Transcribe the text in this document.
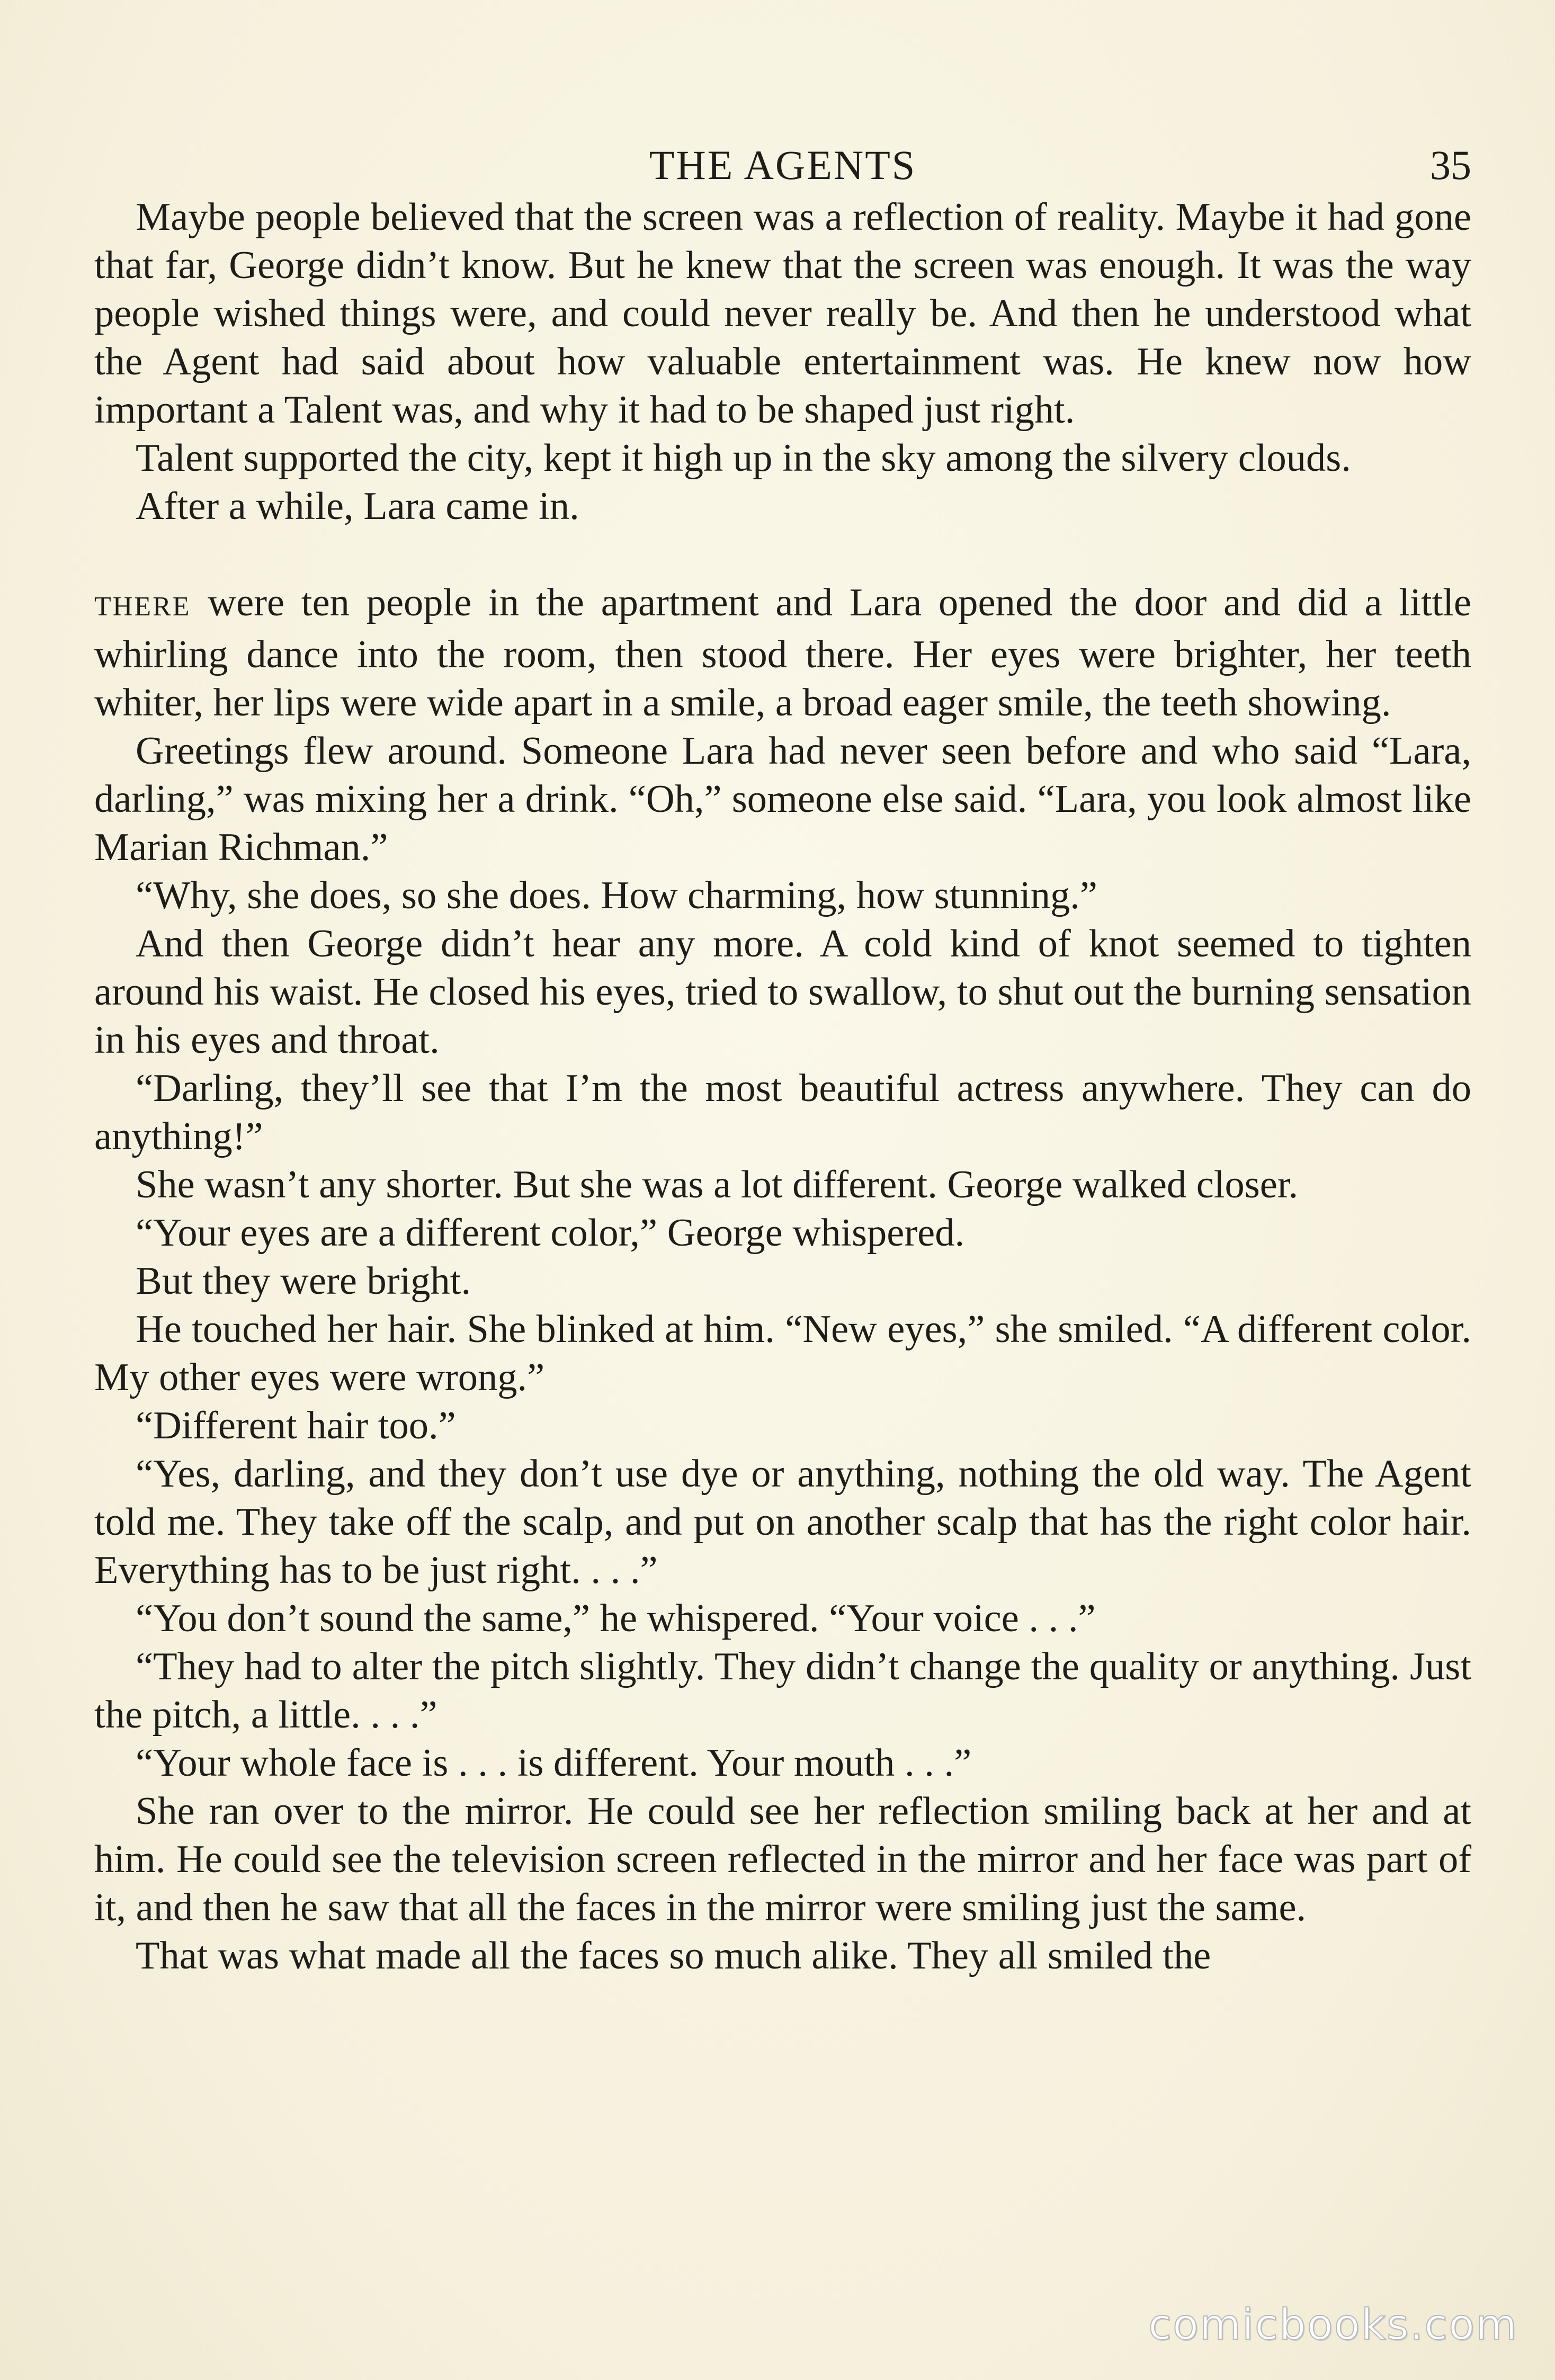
THE AGENTS	35

Maybe people believed that the screen was a reflection of reality. Maybe it had gone that far, George didn’t know. But he knew that the screen was enough. It was the way people wished things were, and could never really be. And then he understood what the Agent had said about how valuable entertainment was. He knew now how important a Talent was, and why it had to be shaped just right.

Talent supported the city, kept it high up in the sky among the silvery clouds.

After a while, Lara came in.

THERE were ten people in the apartment and Lara opened the door and did a little whirling dance into the room, then stood there. Her eyes were brighter, her teeth whiter, her lips were wide apart in a smile, a broad eager smile, the teeth showing.

Greetings flew around. Someone Lara had never seen before and who said “Lara, darling,” was mixing her a drink. “Oh,” someone else said. “Lara, you look almost like Marian Richman.”

“Why, she does, so she does. How charming, how stunning.”

And then George didn’t hear any more. A cold kind of knot seemed to tighten around his waist. He closed his eyes, tried to swallow, to shut out the burning sensation in his eyes and throat.

“Darling, they’ll see that I’m the most beautiful actress anywhere. They can do anything!”

She wasn’t any shorter. But she was a lot different. George walked closer.

“Your eyes are a different color,” George whispered.

But they were bright.

He touched her hair. She blinked at him. “New eyes,” she smiled. “A different color. My other eyes were wrong.”

“Different hair too.”

“Yes, darling, and they don’t use dye or anything, nothing the old way. The Agent told me. They take off the scalp, and put on another scalp that has the right color hair. Everything has to be just right. . . .”

“You don’t sound the same,” he whispered. “Your voice . . .”

“They had to alter the pitch slightly. They didn’t change the quality or anything. Just the pitch, a little. . . .”

“Your whole face is . . . is different. Your mouth . . .”

She ran over to the mirror. He could see her reflection smiling back at her and at him. He could see the television screen reflected in the mirror and her face was part of it, and then he saw that all the faces in the mirror were smiling just the same.

That was what made all the faces so much alike. They all smiled the

comicbooks.com
